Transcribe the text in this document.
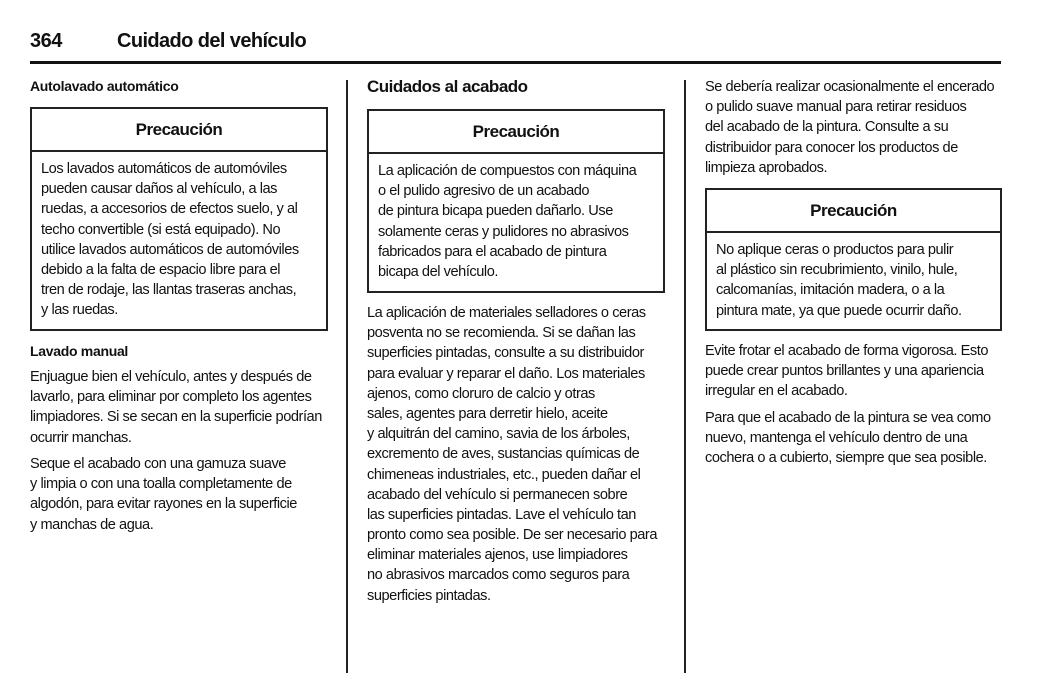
364	Cuidado del vehículo
Autolavado automático
Precaución
Los lavados automáticos de automóviles
pueden causar daños al vehículo, a las
ruedas, a accesorios de efectos suelo, y al
techo convertible (si está equipado). No
utilice lavados automáticos de automóviles
debido a la falta de espacio libre para el
tren de rodaje, las llantas traseras anchas,
y las ruedas.
Lavado manual
Enjuague bien el vehículo, antes y después de
lavarlo, para eliminar por completo los agentes
limpiadores. Si se secan en la superficie podrían
ocurrir manchas.
Seque el acabado con una gamuza suave
y limpia o con una toalla completamente de
algodón, para evitar rayones en la superficie
y manchas de agua.
Cuidados al acabado
Precaución
La aplicación de compuestos con máquina
o el pulido agresivo de un acabado
de pintura bicapa pueden dañarlo. Use
solamente ceras y pulidores no abrasivos
fabricados para el acabado de pintura
bicapa del vehículo.
La aplicación de materiales selladores o ceras
posventa no se recomienda. Si se dañan las
superficies pintadas, consulte a su distribuidor
para evaluar y reparar el daño. Los materiales
ajenos, como cloruro de calcio y otras
sales, agentes para derretir hielo, aceite
y alquitrán del camino, savia de los árboles,
excremento de aves, sustancias químicas de
chimeneas industriales, etc., pueden dañar el
acabado del vehículo si permanecen sobre
las superficies pintadas. Lave el vehículo tan
pronto como sea posible. De ser necesario para
eliminar materiales ajenos, use limpiadores
no abrasivos marcados como seguros para
superficies pintadas.
Se debería realizar ocasionalmente el encerado
o pulido suave manual para retirar residuos
del acabado de la pintura. Consulte a su
distribuidor para conocer los productos de
limpieza aprobados.
Precaución
No aplique ceras o productos para pulir
al plástico sin recubrimiento, vinilo, hule,
calcomanías, imitación madera, o a la
pintura mate, ya que puede ocurrir daño.
Evite frotar el acabado de forma vigorosa. Esto
puede crear puntos brillantes y una apariencia
irregular en el acabado.
Para que el acabado de la pintura se vea como
nuevo, mantenga el vehículo dentro de una
cochera o a cubierto, siempre que sea posible.
